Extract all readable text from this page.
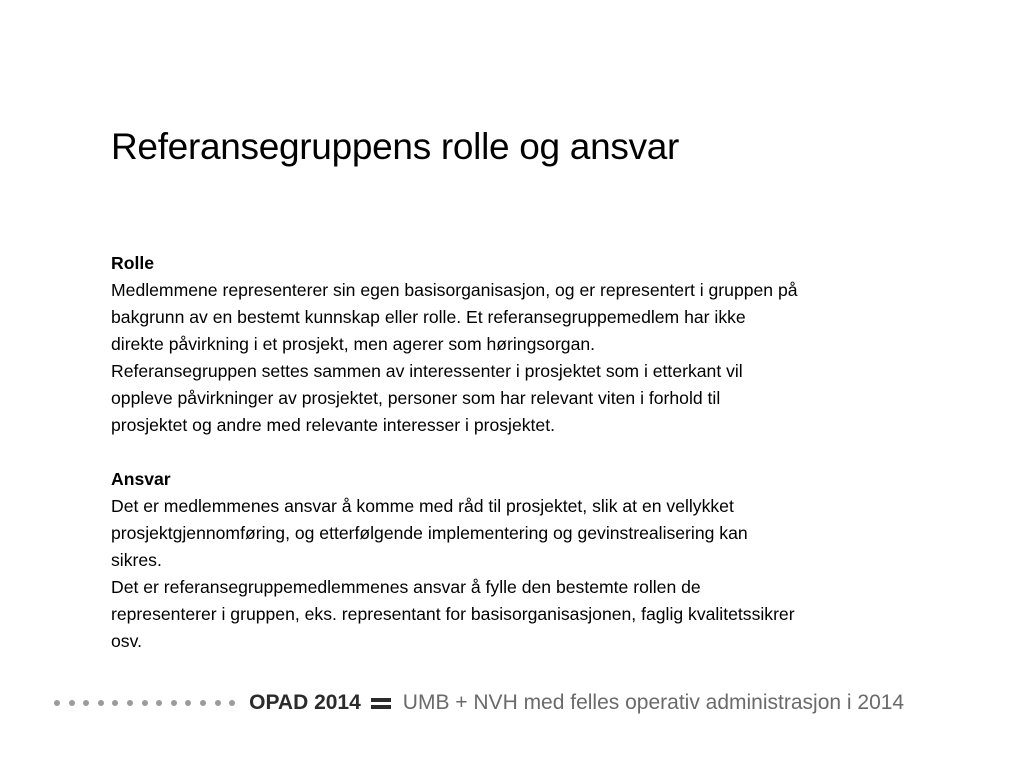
Referansegruppens rolle og ansvar

Rolle

Medlemmene representerer sin egen basisorganisasjon, og er representert i gruppen på

bakgrunn av en bestemt kunnskap eller rolle. Et referansegruppemedlem har ikke

direkte påvirkning i et prosjekt, men agerer som høringsorgan.

Referansegruppen settes sammen av interessenter i prosjektet som i etterkant vil

oppleve påvirkninger av prosjektet, personer som har relevant viten i forhold til

prosjektet og andre med relevante interesser i prosjektet.

Ansvar

Det er medlemmenes ansvar å komme med råd til prosjektet, slik at en vellykket

prosjektgjennomføring, og etterfølgende implementering og gevinstrealisering kan

sikres.

Det er referansegruppemedlemmenes ansvar å fylle den bestemte rollen de

representerer i gruppen, eks. representant for basisorganisasjonen, faglig kvalitetssikrer

osv.

OPAD 2014 UMB + NVH med felles operativ administrasjon i 2014
